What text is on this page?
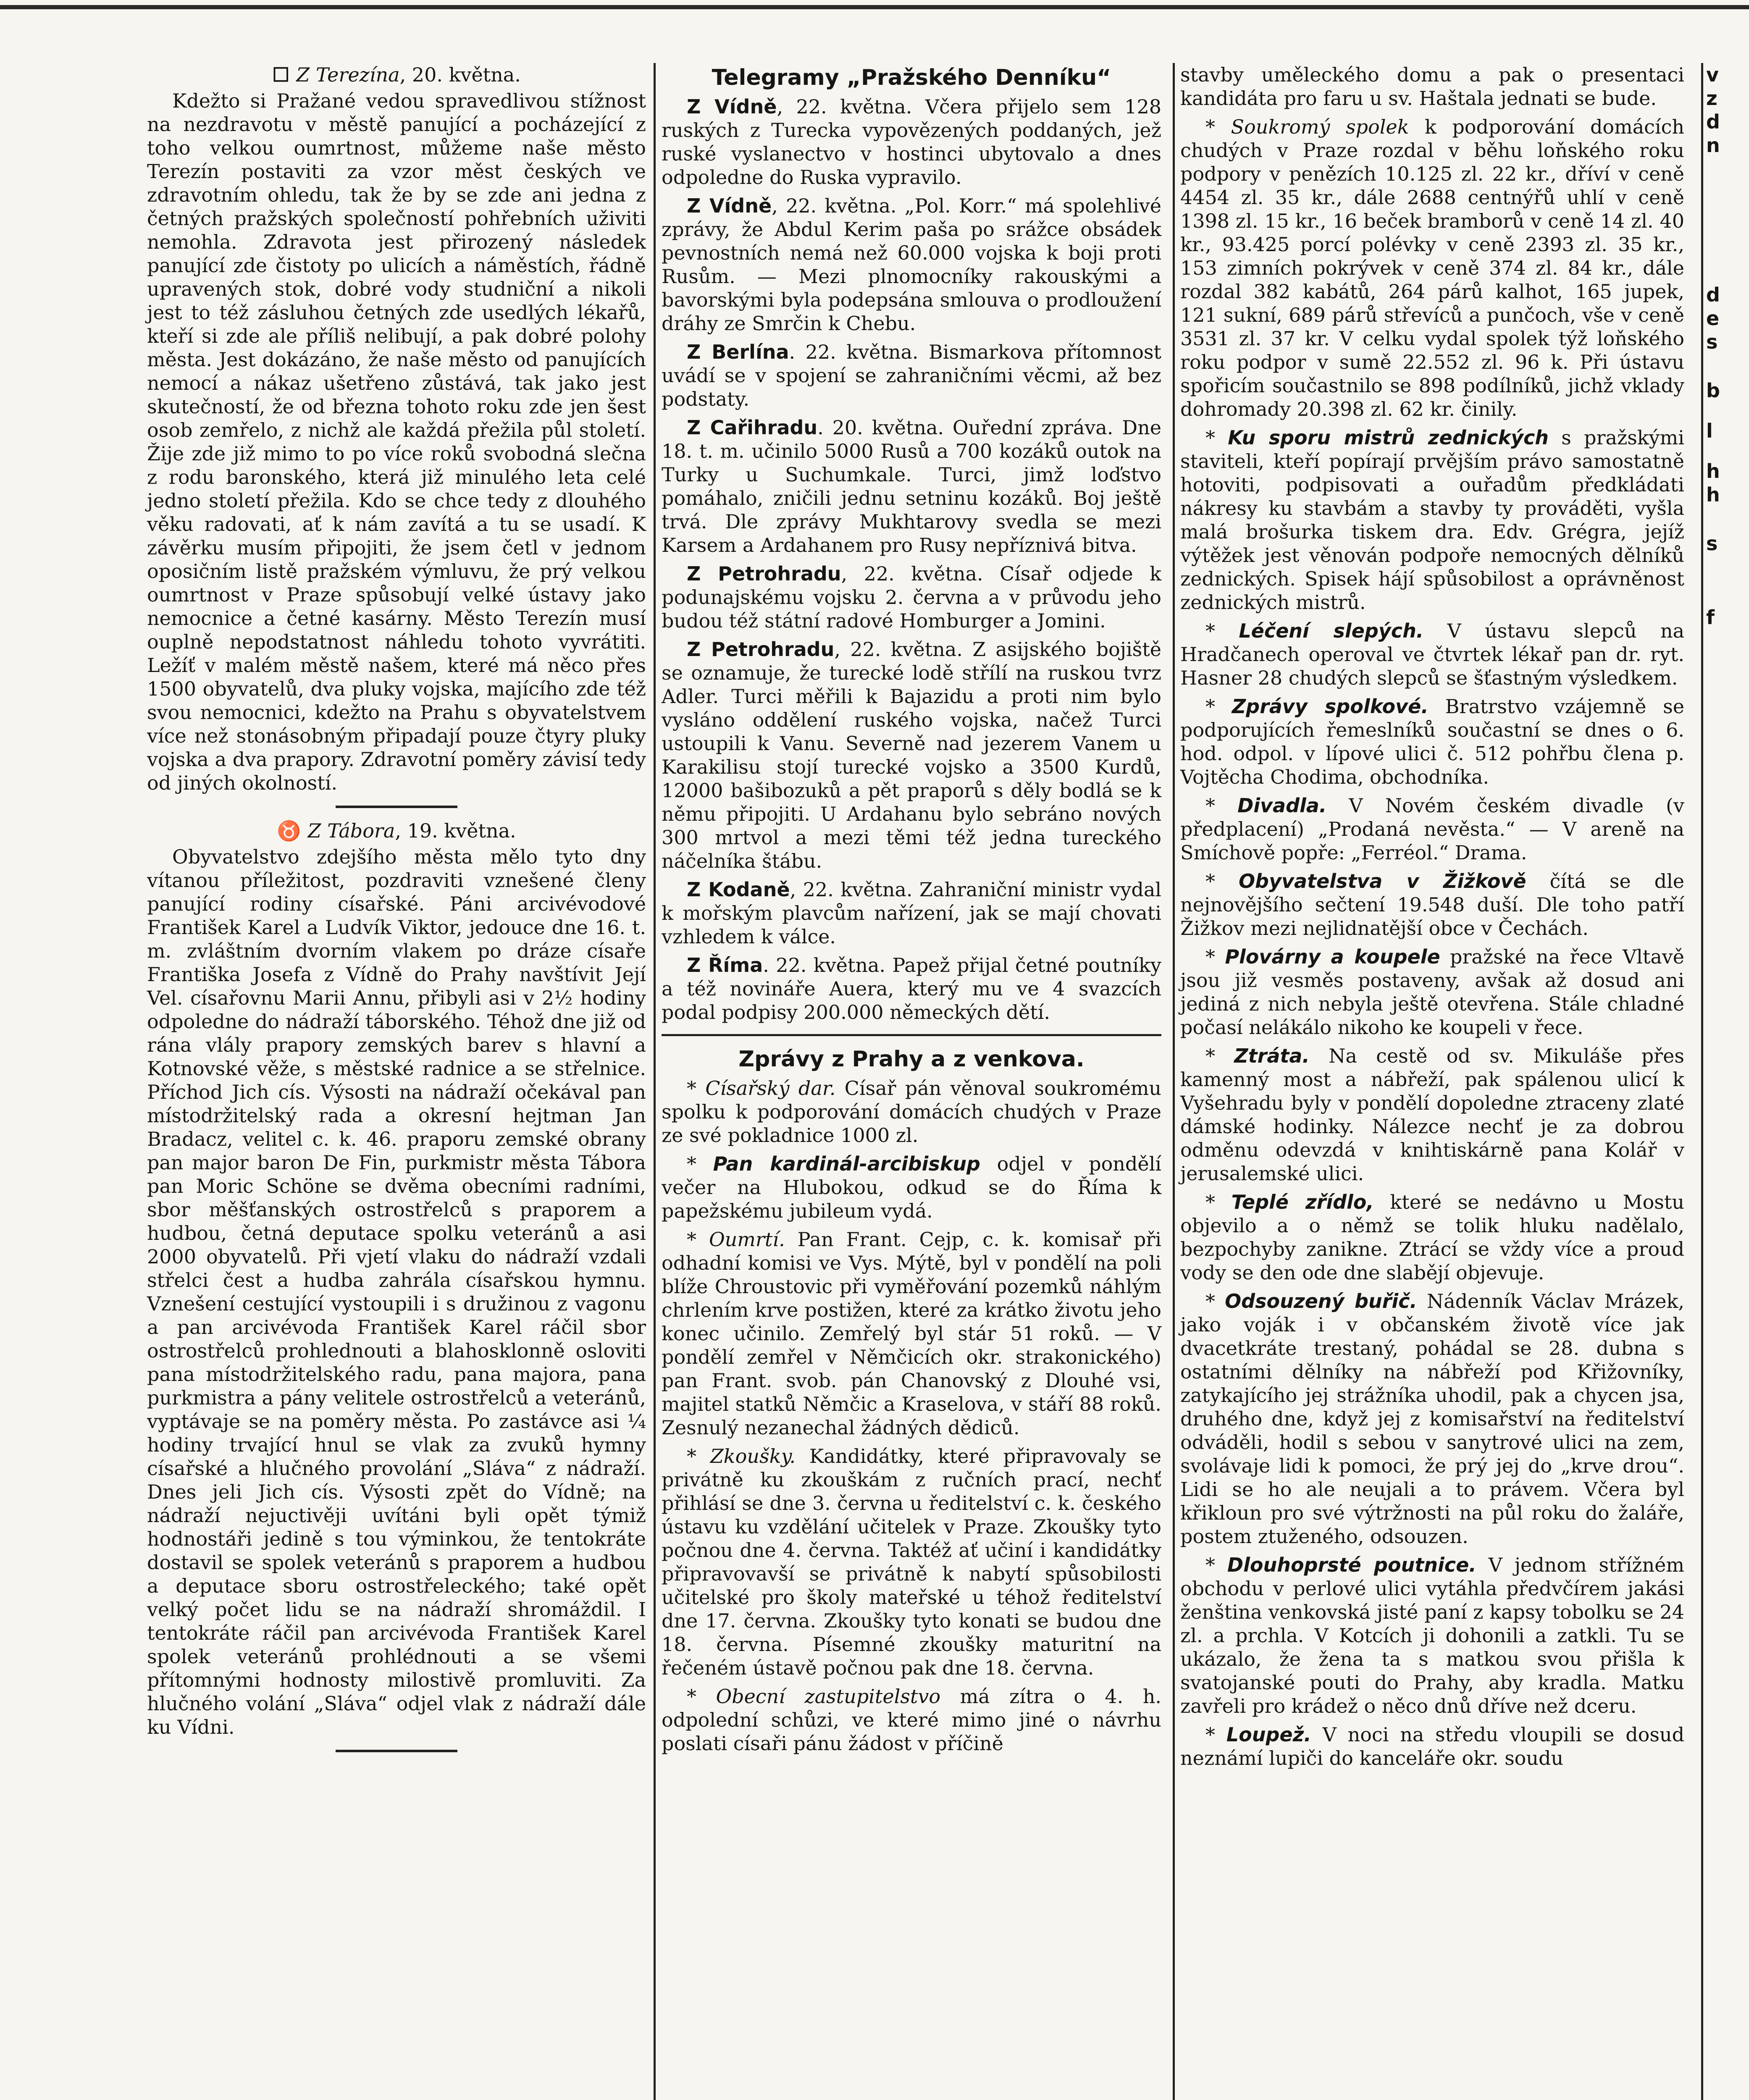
☐ Z Terezína, 20. května.

Kdežto si Pražané vedou spravedlivou stížnost na nezdravotu v městě panující a pocházející z toho velkou oumrtnost, můžeme naše město Terezín postaviti za vzor měst českých ve zdravotním ohledu, tak že by se zde ani jedna z četných pražských společností pohřebních uživiti nemohla. Zdravota jest přirozený následek panující zde čistoty po ulicích a náměstích, řádně upravených stok, dobré vody studniční a nikoli jest to též zásluhou četných zde usedlých lékařů, kteří si zde ale příliš nelibují, a pak dobré polohy města. Jest dokázáno, že naše město od panujících nemocí a nákaz ušetřeno zůstává, tak jako jest skutečností, že od března tohoto roku zde jen šest osob zemřelo, z nichž ale každá přežila půl století. Žije zde již mimo to po více roků svobodná slečna z rodu baronského, která již minulého leta celé jedno století přežila. Kdo se chce tedy z dlouhého věku radovati, ať k nám zavítá a tu se usadí. K závěrku musím připojiti, že jsem četl v jednom oposičním listě pražském výmluvu, že prý velkou oumrtnost v Praze spůsobují velké ústavy jako nemocnice a četné kasárny. Město Terezín musí ouplně nepodstatnost náhledu tohoto vyvrátiti. Ležíť v malém městě našem, které má něco přes 1500 obyvatelů, dva pluky vojska, majícího zde též svou nemocnici, kdežto na Prahu s obyvatelstvem více než stonásobným připadají pouze čtyry pluky vojska a dva prapory. Zdravotní poměry závisí tedy od jiných okolností.

♉ Z Tábora, 19. května.

Obyvatelstvo zdejšího města mělo tyto dny vítanou příležitost, pozdraviti vznešené členy panující rodiny císařské. Páni arcivévodové František Karel a Ludvík Viktor, jedouce dne 16. t. m. zvláštním dvorním vlakem po dráze císaře Františka Josefa z Vídně do Prahy navštívit Její Vel. císařovnu Marii Annu, přibyli asi v 2½ hodiny odpoledne do nádraží táborského. Téhož dne již od rána vlály prapory zemských barev s hlavní a Kotnovské věže, s městské radnice a se střelnice. Příchod Jich cís. Výsosti na nádraží očekával pan místodržitelský rada a okresní hejtman Jan Bradacz, velitel c. k. 46. praporu zemské obrany pan major baron De Fin, purkmistr města Tábora pan Moric Schöne se dvěma obecními radními, sbor měšťanských ostrostřelců s praporem a hudbou, četná deputace spolku veteránů a asi 2000 obyvatelů. Při vjetí vlaku do nádraží vzdali střelci čest a hudba zahrála císařskou hymnu. Vznešení cestující vystoupili i s družinou z vagonu a pan arcivévoda František Karel ráčil sbor ostrostřelců prohlednouti a blahosklonně osloviti pana místodržitelského radu, pana majora, pana purkmistra a pány velitele ostrostřelců a veteránů, vyptávaje se na poměry města. Po zastávce asi ¼ hodiny trvající hnul se vlak za zvuků hymny císařské a hlučného provolání „Sláva“ z nádraží. Dnes jeli Jich cís. Výsosti zpět do Vídně; na nádraží nejuctivěji uvítáni byli opět týmiž hodnostáři jedině s tou výminkou, že tentokráte dostavil se spolek veteránů s praporem a hudbou a deputace sboru ostrostřeleckého; také opět velký počet lidu se na nádraží shromáždil. I tentokráte ráčil pan arcivévoda František Karel spolek veteránů prohlédnouti a se všemi přítomnými hodnosty milostivě promluviti. Za hlučného volání „Sláva“ odjel vlak z nádraží dále ku Vídni.

Telegramy „Pražského Denníku“

Z Vídně, 22. května. Včera přijelo sem 128 ruských z Turecka vypovězených poddaných, jež ruské vyslanectvo v hostinci ubytovalo a dnes odpoledne do Ruska vypravilo.

Z Vídně, 22. května. „Pol. Korr.“ má spolehlivé zprávy, že Abdul Kerim paša po srážce obsádek pevnostních nemá než 60.000 vojska k boji proti Rusům. — Mezi plnomocníky rakouskými a bavorskými byla podepsána smlouva o prodloužení dráhy ze Smrčin k Chebu.

Z Berlína. 22. května. Bismarkova přítomnost uvádí se v spojení se zahraničními věcmi, až bez podstaty.

Z Cařihradu. 20. května. Ouřední zpráva. Dne 18. t. m. učinilo 5000 Rusů a 700 kozáků outok na Turky u Suchumkale. Turci, jimž loďstvo pomáhalo, zničili jednu setninu kozáků. Boj ještě trvá. Dle zprávy Mukhtarovy svedla se mezi Karsem a Ardahanem pro Rusy nepříznivá bitva.

Z Petrohradu, 22. května. Císař odjede k podunajskému vojsku 2. června a v průvodu jeho budou též státní radové Homburger a Jomini.

Z Petrohradu, 22. května. Z asijského bojiště se oznamuje, že turecké lodě střílí na ruskou tvrz Adler. Turci měřili k Bajazidu a proti nim bylo vysláno oddělení ruského vojska, načež Turci ustoupili k Vanu. Severně nad jezerem Vanem u Karakilisu stojí turecké vojsko a 3500 Kurdů, 12000 bašibozuků a pět praporů s děly bodlá se k němu připojiti. U Ardahanu bylo sebráno nových 300 mrtvol a mezi těmi též jedna tureckého náčelníka štábu.

Z Kodaně, 22. května. Zahraniční ministr vydal k mořským plavcům nařízení, jak se mají chovati vzhledem k válce.

Z Říma. 22. května. Papež přijal četné poutníky a též novináře Auera, který mu ve 4 svazcích podal podpisy 200.000 německých dětí.

Zprávy z Prahy a z venkova.

* Císařský dar. Císař pán věnoval soukromému spolku k podporování domácích chudých v Praze ze své pokladnice 1000 zl.

* Pan kardinál-arcibiskup odjel v pondělí večer na Hlubokou, odkud se do Říma k papežskému jubileum vydá.

* Oumrtí. Pan Frant. Cejp, c. k. komisař při odhadní komisi ve Vys. Mýtě, byl v pondělí na poli blíže Chroustovic při vyměřování pozemků náhlým chrlením krve postižen, které za krátko životu jeho konec učinilo. Zemřelý byl stár 51 roků. — V pondělí zemřel v Němčicích okr. strakonického) pan Frant. svob. pán Chanovský z Dlouhé vsi, majitel statků Němčic a Kraselova, v stáří 88 roků. Zesnulý nezanechal žádných dědiců.

* Zkoušky. Kandidátky, které připravovaly se privátně ku zkouškám z ručních prací, nechť přihlásí se dne 3. června u ředitelství c. k. českého ústavu ku vzdělání učitelek v Praze. Zkoušky tyto počnou dne 4. června. Taktéž ať učiní i kandidátky připravovavší se privátně k nabytí spůsobilosti učitelské pro školy mateřské u téhož ředitelství dne 17. června. Zkoušky tyto konati se budou dne 18. června. Písemné zkoušky maturitní na řečeném ústavě počnou pak dne 18. června.

* Obecní zastupitelstvo má zítra o 4. h. odpolední schůzi, ve které mimo jiné o návrhu poslati císaři pánu žádost v příčině

stavby uměleckého domu a pak o presentaci kandidáta pro faru u sv. Haštala jednati se bude.

* Soukromý spolek k podporování domácích chudých v Praze rozdal v běhu loňského roku podpory v penězích 10.125 zl. 22 kr., dříví v ceně 4454 zl. 35 kr., dále 2688 centnýřů uhlí v ceně 1398 zl. 15 kr., 16 beček bramborů v ceně 14 zl. 40 kr., 93.425 porcí polévky v ceně 2393 zl. 35 kr., 153 zimních pokrývek v ceně 374 zl. 84 kr., dále rozdal 382 kabátů, 264 párů kalhot, 165 jupek, 121 sukní, 689 párů střevíců a punčoch, vše v ceně 3531 zl. 37 kr. V celku vydal spolek týž loňského roku podpor v sumě 22.552 zl. 96 k. Při ústavu spořicím součastnilo se 898 podílníků, jichž vklady dohromady 20.398 zl. 62 kr. činily.

* Ku sporu mistrů zednických s pražskými staviteli, kteří popírají prvějším právo samostatně hotoviti, podpisovati a ouřadům předkládati nákresy ku stavbám a stavby ty prováděti, vyšla malá brošurka tiskem dra. Edv. Grégra, jejíž výtěžek jest věnován podpoře nemocných dělníků zednických. Spisek hájí spůsobilost a oprávněnost zednických mistrů.

* Léčení slepých. V ústavu slepců na Hradčanech operoval ve čtvrtek lékař pan dr. ryt. Hasner 28 chudých slepců se šťastným výsledkem.

* Zprávy spolkové. Bratrstvo vzájemně se podporujících řemeslníků součastní se dnes o 6. hod. odpol. v lípové ulici č. 512 pohřbu člena p. Vojtěcha Chodima, obchodníka.

* Divadla. V Novém českém divadle (v předplacení) „Prodaná nevěsta.“ — V areně na Smíchově popře: „Ferréol.“ Drama.

* Obyvatelstva v Žižkově čítá se dle nejnovějšího sečtení 19.548 duší. Dle toho patří Žižkov mezi nejlidnatější obce v Čechách.

* Plovárny a koupele pražské na řece Vltavě jsou již vesměs postaveny, avšak až dosud ani jediná z nich nebyla ještě otevřena. Stále chladné počasí nelákálo nikoho ke koupeli v řece.

* Ztráta. Na cestě od sv. Mikuláše přes kamenný most a nábřeží, pak spálenou ulicí k Vyšehradu byly v pondělí dopoledne ztraceny zlaté dámské hodinky. Nálezce nechť je za dobrou odměnu odevzdá v knihtiskárně pana Kolář v jerusalemské ulici.

* Teplé zřídlo, které se nedávno u Mostu objevilo a o němž se tolik hluku nadělalo, bezpochyby zanikne. Ztrácí se vždy více a proud vody se den ode dne slabějí objevuje.

* Odsouzený buřič. Nádenník Václav Mrázek, jako voják i v občanském životě více jak dvacetkráte trestaný, pohádal se 28. dubna s ostatními dělníky na nábřeží pod Křižovníky, zatykajícího jej strážníka uhodil, pak a chycen jsa, druhého dne, když jej z komisařství na ředitelství odváděli, hodil s sebou v sanytrové ulici na zem, svolávaje lidi k pomoci, že prý jej do „krve drou“. Lidi se ho ale neujali a to právem. Včera byl křikloun pro své výtržnosti na půl roku do žaláře, postem ztuženého, odsouzen.

* Dlouhoprsté poutnice. V jednom střížném obchodu v perlové ulici vytáhla předvčírem jakási ženština venkovská jisté paní z kapsy tobolku se 24 zl. a prchla. V Kotcích ji dohonili a zatkli. Tu se ukázalo, že žena ta s matkou svou přišla k svatojanské pouti do Prahy, aby kradla. Matku zavřeli pro krádež o něco dnů dříve než dceru.

* Loupež. V noci na středu vloupili se dosud neznámí lupiči do kanceláře okr. soudu

v
z
d
n
d
e
s
b
l
h
h
s
f
